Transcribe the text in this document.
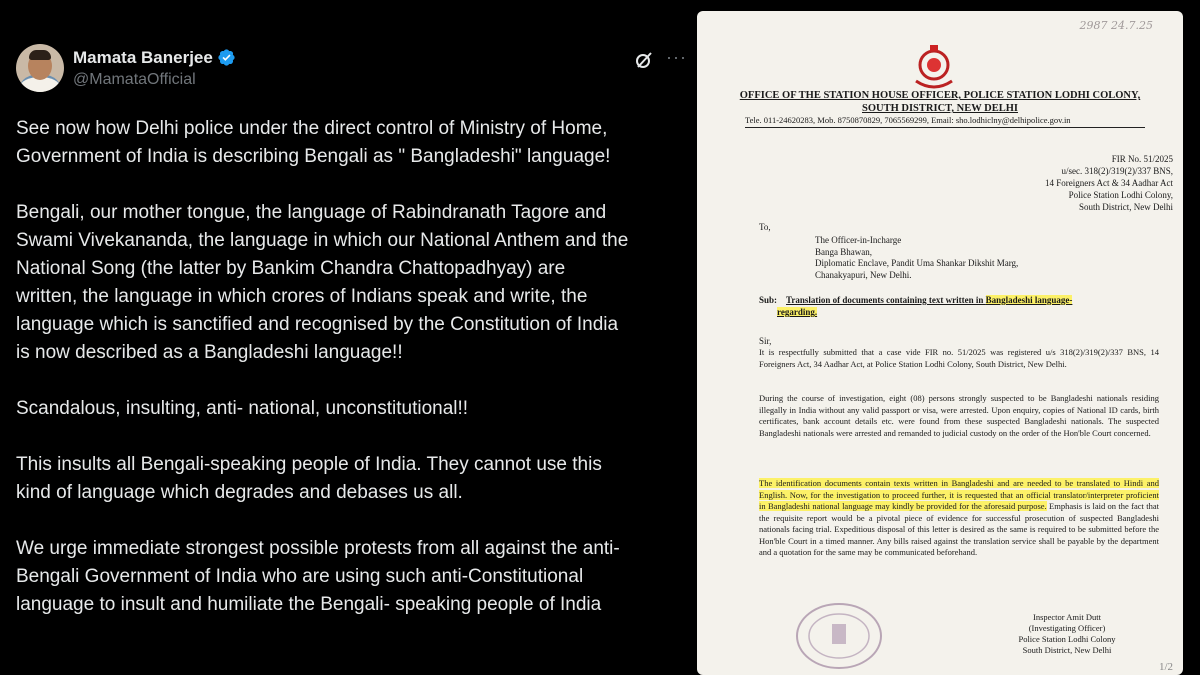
Mamata Banerjee
@MamataOfficial
···
See now how Delhi police under the direct control of Ministry of Home,
Government of India is describing Bengali as " Bangladeshi" language!
Bengali, our mother tongue, the language of Rabindranath Tagore and
Swami Vivekananda, the language in which our National Anthem and the
National Song (the latter by Bankim Chandra Chattopadhyay) are
written, the language in which crores of Indians speak and write, the
language which is sanctified and recognised by the Constitution of India
is now described as a Bangladeshi language!!
Scandalous, insulting, anti- national, unconstitutional!!
This insults all Bengali-speaking people of India. They cannot use this
kind of language which degrades and debases us all.
We urge immediate strongest possible protests from all against the anti-
Bengali Government of India who are using such anti-Constitutional
language to insult and humiliate the Bengali- speaking people of India
2987 24.7.25
OFFICE OF THE STATION HOUSE OFFICER, POLICE STATION LODHI COLONY,
SOUTH DISTRICT, NEW DELHI
Tele. 011-24620283, Mob. 8750870829, 7065569299, Email: sho.lodhiclny@delhipolice.gov.in
FIR No. 51/2025
u/sec. 318(2)/319(2)/337 BNS,
14 Foreigners Act & 34 Aadhar Act
Police Station Lodhi Colony,
South District, New Delhi
To,
The Officer-in-Incharge
Banga Bhawan,
Diplomatic Enclave, Pandit Uma Shankar Dikshit Marg,
Chanakyapuri, New Delhi.
Sub: Translation of documents containing text written in Bangladeshi language-
regarding.
Sir,
It is respectfully submitted that a case vide FIR no. 51/2025 was registered u/s 318(2)/319(2)/337 BNS, 14 Foreigners Act, 34 Aadhar Act, at Police Station Lodhi Colony, South District, New Delhi.
During the course of investigation, eight (08) persons strongly suspected to be Bangladeshi nationals residing illegally in India without any valid passport or visa, were arrested. Upon enquiry, copies of National ID cards, birth certificates, bank account details etc. were found from these suspected Bangladeshi nationals. The suspected Bangladeshi nationals were arrested and remanded to judicial custody on the order of the Hon'ble Court concerned.
The identification documents contain texts written in Bangladeshi and are needed to be translated to Hindi and English. Now, for the investigation to proceed further, it is requested that an official translator/interpreter proficient in Bangladeshi national language may kindly be provided for the aforesaid purpose. Emphasis is laid on the fact that the requisite report would be a pivotal piece of evidence for successful prosecution of suspected Bangladeshi nationals facing trial. Expeditious disposal of this letter is desired as the same is required to be submitted before the Hon'ble Court in a timed manner. Any bills raised against the translation service shall be payable by the department and a quotation for the same may be communicated beforehand.
Inspector Amit Dutt
(Investigating Officer)
Police Station Lodhi Colony
South District, New Delhi
1/2
